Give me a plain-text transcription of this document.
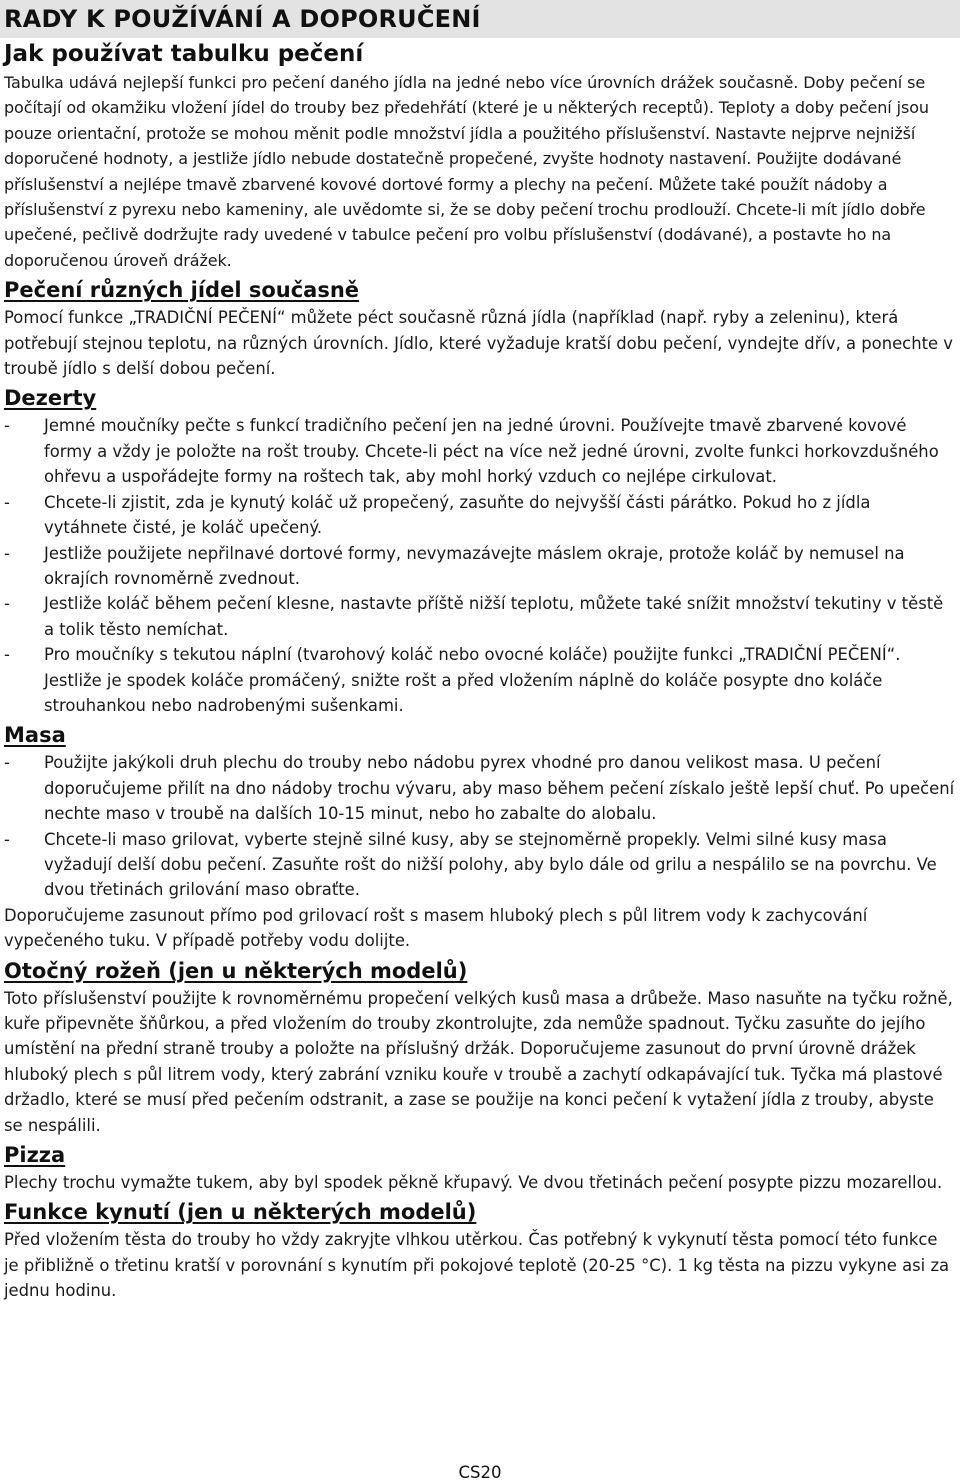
RADY K POUŽÍVÁNÍ A DOPORUČENÍ
Jak používat tabulku pečení

Tabulka udává nejlepší funkci pro pečení daného jídla na jedné nebo více úrovních drážek současně. Doby pečení se počítají od okamžiku vložení jídel do trouby bez předehřátí (které je u některých receptů). Teploty a doby pečení jsou pouze orientační, protože se mohou měnit podle množství jídla a použitého příslušenství. Nastavte nejprve nejnižší doporučené hodnoty, a jestliže jídlo nebude dostatečně propečené, zvyšte hodnoty nastavení. Použijte dodávané příslušenství a nejlépe tmavě zbarvené kovové dortové formy a plechy na pečení. Můžete také použít nádoby a příslušenství z pyrexu nebo kameniny, ale uvědomte si, že se doby pečení trochu prodlouží. Chcete-li mít jídlo dobře upečené, pečlivě dodržujte rady uvedené v tabulce pečení pro volbu příslušenství (dodávané), a postavte ho na doporučenou úroveň drážek.

Pečení různých jídel současně

Pomocí funkce „TRADIČNÍ PEČENÍ“ můžete péct současně různá jídla (například (např. ryby a zeleninu), která potřebují stejnou teplotu, na různých úrovních. Jídlo, které vyžaduje kratší dobu pečení, vyndejte dřív, a ponechte v troubě jídlo s delší dobou pečení.

Dezerty
- Jemné moučníky pečte s funkcí tradičního pečení jen na jedné úrovni. Používejte tmavě zbarvené kovové formy a vždy je položte na rošt trouby. Chcete-li péct na více než jedné úrovni, zvolte funkci horkovzdušného ohřevu a uspořádejte formy na roštech tak, aby mohl horký vzduch co nejlépe cirkulovat.
- Chcete-li zjistit, zda je kynutý koláč už propečený, zasuňte do nejvyšší části párátko. Pokud ho z jídla vytáhnete čisté, je koláč upečený.
- Jestliže použijete nepřilnavé dortové formy, nevymazávejte máslem okraje, protože koláč by nemusel na okrajích rovnoměrně zvednout.
- Jestliže koláč během pečení klesne, nastavte příště nižší teplotu, můžete také snížit množství tekutiny v těstě a tolik těsto nemíchat.
- Pro moučníky s tekutou náplní (tvarohový koláč nebo ovocné koláče) použijte funkci „TRADIČNÍ PEČENÍ“. Jestliže je spodek koláče promáčený, snižte rošt a před vložením náplně do koláče posypte dno koláče strouhankou nebo nadrobenými sušenkami.
Masa
- Použijte jakýkoli druh plechu do trouby nebo nádobu pyrex vhodné pro danou velikost masa. U pečení doporučujeme přilít na dno nádoby trochu vývaru, aby maso během pečení získalo ještě lepší chuť. Po upečení nechte maso v troubě na dalších 10-15 minut, nebo ho zabalte do alobalu.
- Chcete-li maso grilovat, vyberte stejně silné kusy, aby se stejnoměrně propekly. Velmi silné kusy masa vyžadují delší dobu pečení. Zasuňte rošt do nižší polohy, aby bylo dále od grilu a nespálilo se na povrchu. Ve dvou třetinách grilování maso obraťte.

Doporučujeme zasunout přímo pod grilovací rošt s masem hluboký plech s půl litrem vody k zachycování vypečeného tuku. V případě potřeby vodu dolijte.

Otočný rožeň (jen u některých modelů)

Toto příslušenství použijte k rovnoměrnému propečení velkých kusů masa a drůbeže. Maso nasuňte na tyčku rožně, kuře připevněte šňůrkou, a před vložením do trouby zkontrolujte, zda nemůže spadnout. Tyčku zasuňte do jejího umístění na přední straně trouby a položte na příslušný držák. Doporučujeme zasunout do první úrovně drážek hluboký plech s půl litrem vody, který zabrání vzniku kouře v troubě a zachytí odkapávající tuk. Tyčka má plastové držadlo, které se musí před pečením odstranit, a zase se použije na konci pečení k vytažení jídla z trouby, abyste se nespálili.

Pizza

Plechy trochu vymažte tukem, aby byl spodek pěkně křupavý. Ve dvou třetinách pečení posypte pizzu mozarellou.

Funkce kynutí (jen u některých modelů)

Před vložením těsta do trouby ho vždy zakryjte vlhkou utěrkou. Čas potřebný k vykynutí těsta pomocí této funkce je přibližně o třetinu kratší v porovnání s kynutím při pokojové teplotě (20-25 °C). 1 kg těsta na pizzu vykyne asi za jednu hodinu.

CS20
